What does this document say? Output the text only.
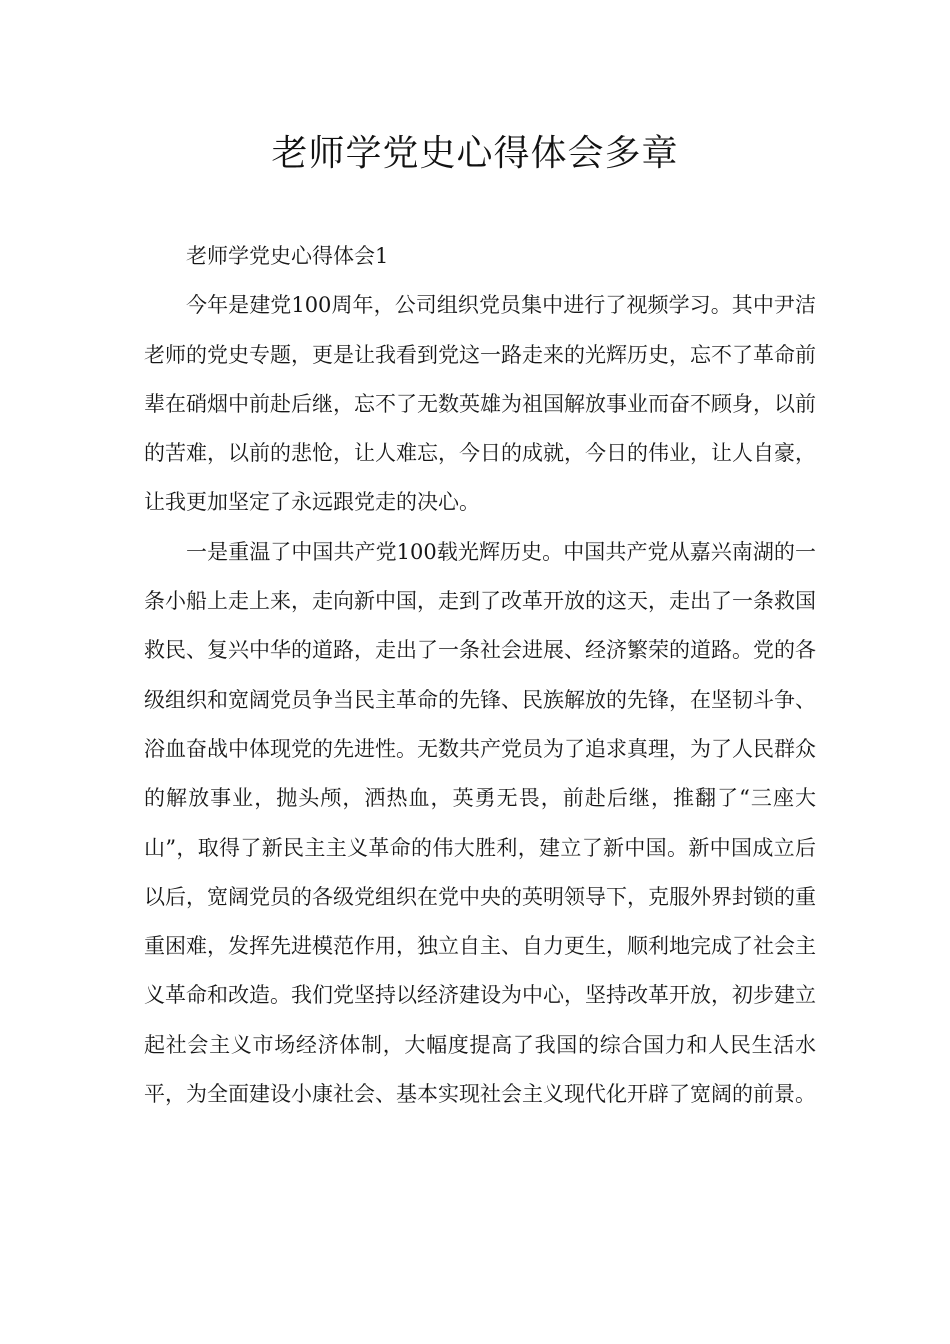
老师学党史心得体会多章

老师学党史心得体会1

今年是建党100周年，公司组织党员集中进行了视频学习。其中尹洁老师的党史专题，更是让我看到党这一路走来的光辉历史，忘不了革命前辈在硝烟中前赴后继，忘不了无数英雄为祖国解放事业而奋不顾身，以前的苦难，以前的悲怆，让人难忘，今日的成就，今日的伟业，让人自豪，让我更加坚定了永远跟党走的决心。

一是重温了中国共产党100载光辉历史。中国共产党从嘉兴南湖的一条小船上走上来，走向新中国，走到了改革开放的这天，走出了一条救国救民、复兴中华的道路，走出了一条社会进展、经济繁荣的道路。党的各级组织和宽阔党员争当民主革命的先锋、民族解放的先锋，在坚韧斗争、浴血奋战中体现党的先进性。无数共产党员为了追求真理，为了人民群众的解放事业，抛头颅，洒热血，英勇无畏，前赴后继，推翻了“三座大山”，取得了新民主主义革命的伟大胜利，建立了新中国。新中国成立后以后，宽阔党员的各级党组织在党中央的英明领导下，克服外界封锁的重重困难，发挥先进模范作用，独立自主、自力更生，顺利地完成了社会主义革命和改造。我们党坚持以经济建设为中心，坚持改革开放，初步建立起社会主义市场经济体制，大幅度提高了我国的综合国力和人民生活水平，为全面建设小康社会、基本实现社会主义现代化开辟了宽阔的前景。
